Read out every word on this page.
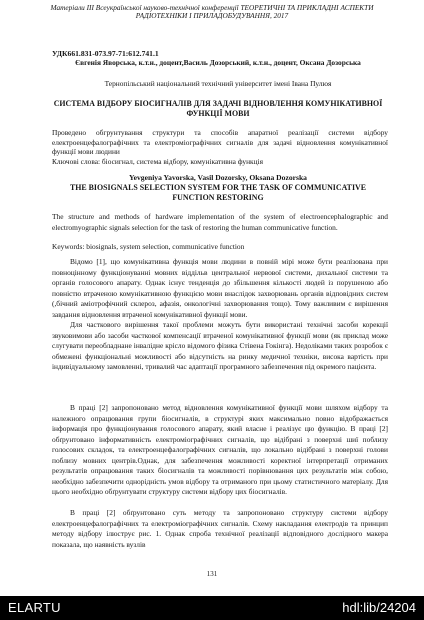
Матеріали ІІІ Всеукраїнської науково-технічної конференції ТЕОРЕТИЧНІ ТА ПРИКЛАДНІ АСПЕКТИ РАДІОТЕХНІКИ І ПРИЛАДОБУДУВАННЯ, 2017
УДК661.831-073.97-71:612.741.1
Євгенія Яворська, к.т.н., доцент,Василь Дозорський, к.т.н., доцент, Оксана Дозорська
Тернопільський національний технічний університет імені Івана Пулюя
СИСТЕМА ВІДБОРУ БІОСИГНАЛІВ ДЛЯ ЗАДАЧІ ВІДНОВЛЕННЯ КОМУНІКАТИВНОЇ ФУНКЦІЇ МОВИ
Проведено обгрунтування структури та способів апаратної реалізації системи відбору електроенцефалографічних та електроміографічних сигналів для задачі відновлення комунікативної функції мови людини
Ключові слова: біосигнал, система відбору, комунікативна функція
Yevgeniya Yavorska, Vasil Dozorsky, Oksana Dozorska
THE BIOSIGNALS SELECTION SYSTEM FOR THE TASK OF COMMUNICATIVE FUNCTION RESTORING
The structure and methods of hardware implementation of the system of electroencephalographic and electromyographic signals selection for the task of restoring the human communicative function.
Keywords: biosignals, system selection, communicative function
Відомо [1], що комунікативна функція мови людини в повній мірі може бути реалізована при повноцінному функціонуванні мовних віддільв центральної нервової системи, дихальної системи та органів голосового апарату. Однак існує тенденція до збільшення кількості людей із порушеною або повністю втраченою комунікативною функцією мови внаслідок захворювань органів відповідних систем (,бічний аміотрофічний склероз, афазія, онкологічні захворювання тощо). Тому важливим є вирішення завдання відновлення втраченої комунікативної функції мови.
Для часткового вирішення такої проблеми можуть бути використані технічні засоби корекції звуковимови або засоби часткової компенсації втраченої комунікативної функції мови (як приклад може слугувати переобладнане інвалідне крісло відомого фізика Стівена Гокінга). Недоліками таких розробок є обмежені функціональні можливості або відсутність на ринку медичної техніки, висока вартість при індивідуальному замовленні, тривалий час адаптації програмного забезпечення під окремого пацієнта.
В праці [2] запропоновано метод відновлення комунікативної функції мови шляхом відбору та належного опрацювання групи біосигналів, в структурі яких максимально повно відображається інформація про функціонування голосового апарату, який власне і реалізує цю функцію. В праці [2] обґрунтовано інформативність електроміографічних сигналів, що відібрані з поверхні шиї поблизу голосових складок, та електроенцефалографічних сигналів, що локально відібрані з поверхні голови поблизу мовних центрів.Однак, для забезпечення можливості коректної інтерпретації отриманих результатів опрацювання таких біосигналів та можливості порівнювання цих результатів між собою, необхідно забезпечити однорідність умов відбору та отриманого при цьому статистичного матеріалу. Для цього необхідно обґрунтувати структуру системи відбору цих біосигналів.
В праці [2] обґрунтовано суть методу та запропоновано структуру системи відбору електроенцефалографічних та електроміографічних сигналів. Схему накладання електродів та принцип методу відбору ілюструє рис. 1. Однак спроба технічної реалізації відповідного дослідного макера показала, що наявність вузлів
131
ELARTU	hdl:lib/24204
